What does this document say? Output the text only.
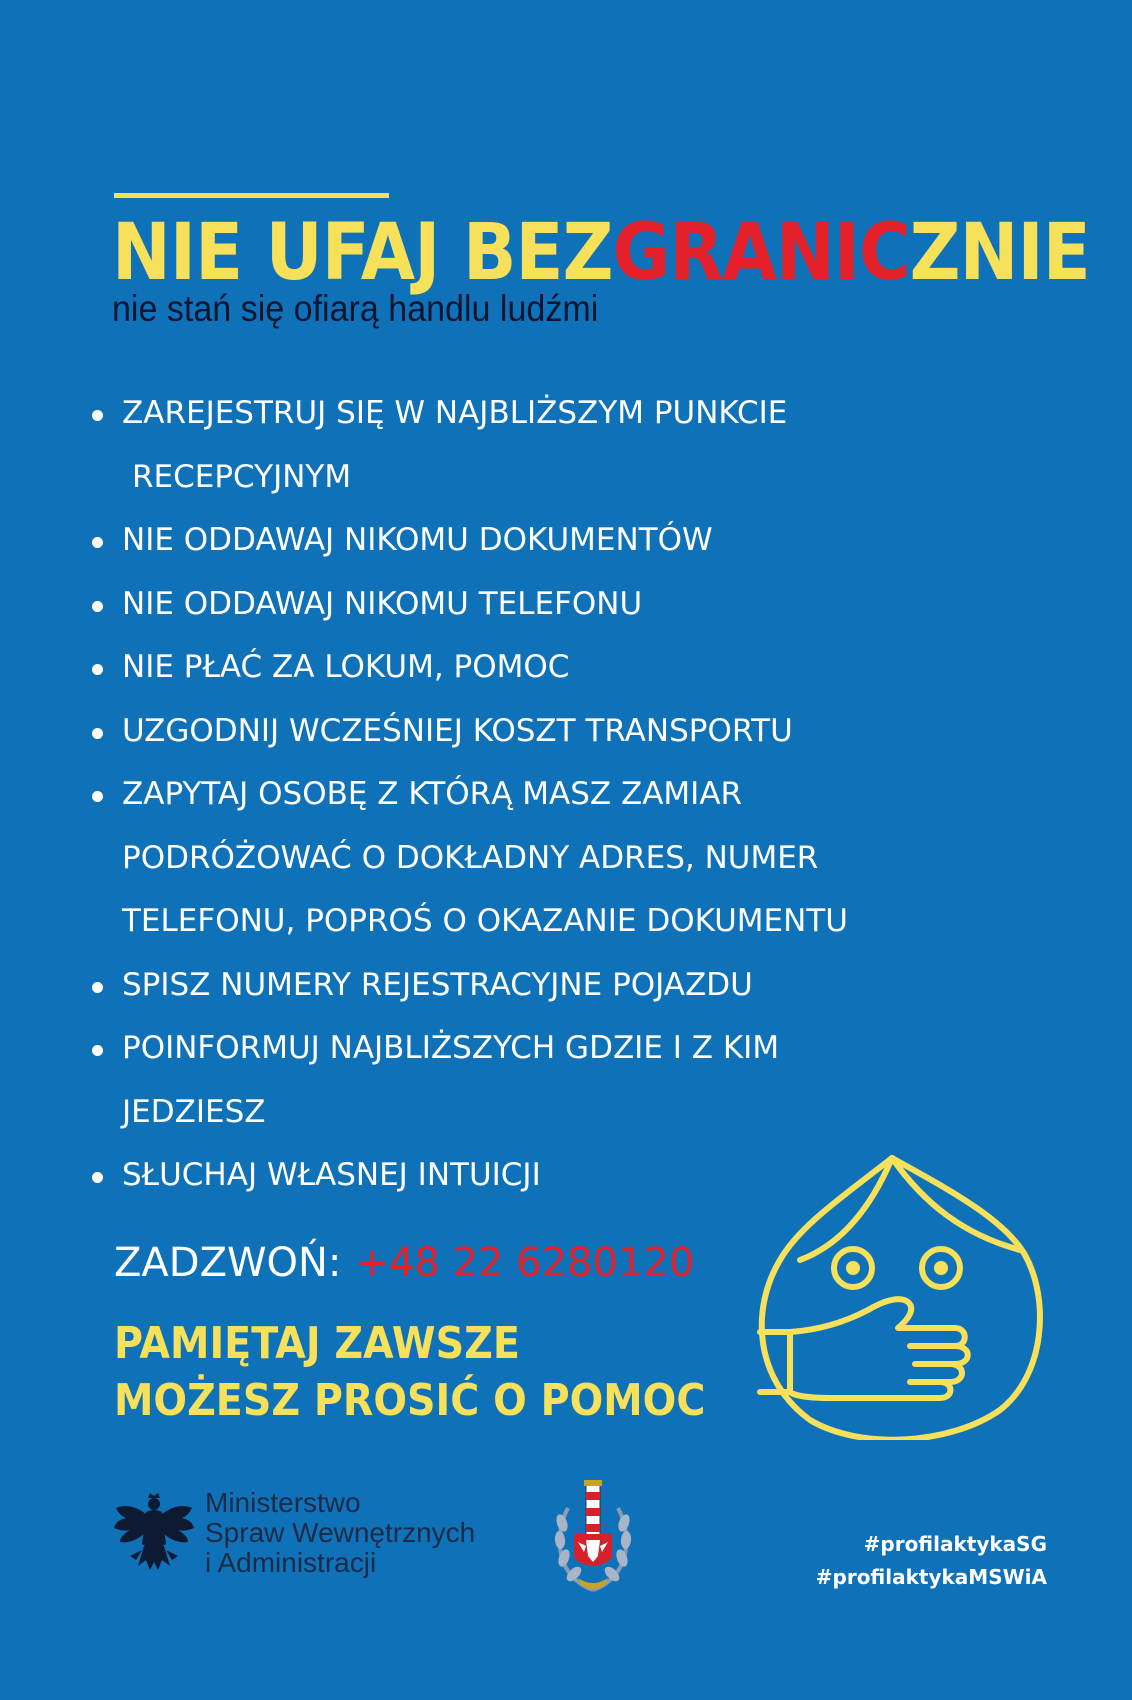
NIE UFAJ BEZGRANICZNIE
nie stań się ofiarą handlu ludźmi
ZAREJESTRUJ SIĘ W NAJBLIŻSZYM PUNKCIE
RECEPCYJNYM
NIE ODDAWAJ NIKOMU DOKUMENTÓW
NIE ODDAWAJ NIKOMU TELEFONU
NIE PŁAĆ ZA LOKUM, POMOC
UZGODNIJ WCZEŚNIEJ KOSZT TRANSPORTU
ZAPYTAJ OSOBĘ Z KTÓRĄ MASZ ZAMIAR
PODRÓŻOWAĆ O DOKŁADNY ADRES, NUMER
TELEFONU, POPROŚ O OKAZANIE DOKUMENTU
SPISZ NUMERY REJESTRACYJNE POJAZDU
POINFORMUJ NAJBLIŻSZYCH GDZIE I Z KIM
JEDZIESZ
SŁUCHAJ WŁASNEJ INTUICJI
ZADZWOŃ: +48 22 6280120
PAMIĘTAJ ZAWSZE
MOŻESZ PROSIĆ O POMOC
Ministerstwo
Spraw Wewnętrznych
i Administracji
#profilaktykaSG
#profilaktykaMSWiA
